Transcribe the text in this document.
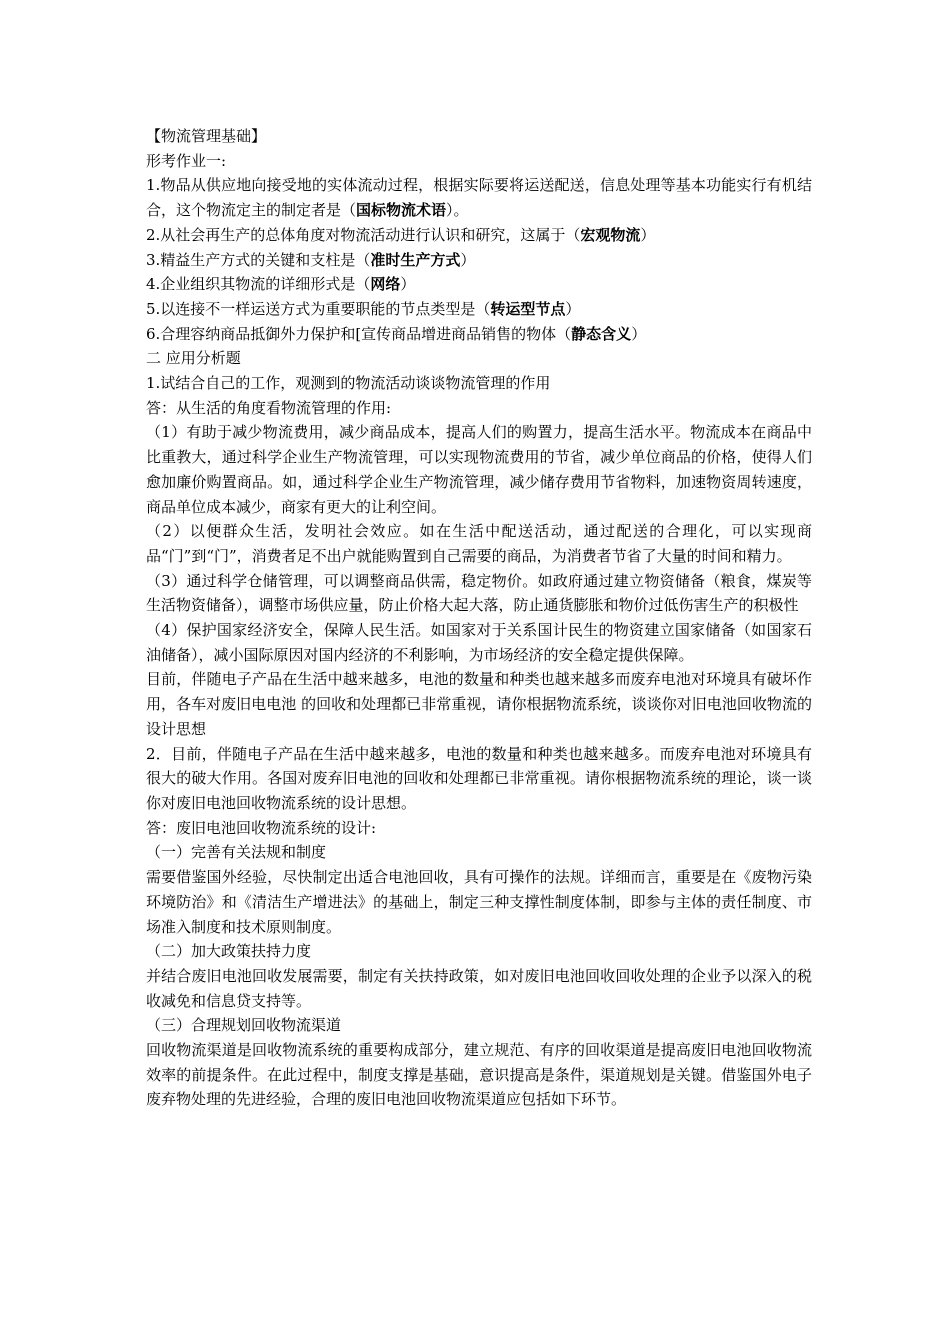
【物流管理基础】

形考作业一:

1.物品从供应地向接受地的实体流动过程，根据实际要将运送配送，信息处理等基本功能实行有机结合，这个物流定主的制定者是（国标物流术语）。

2.从社会再生产的总体角度对物流活动进行认识和研究，这属于（宏观物流）

3.精益生产方式的关键和支柱是（准时生产方式）

4.企业组织其物流的详细形式是（网络）

5.以连接不一样运送方式为重要职能的节点类型是（转运型节点）

6.合理容纳商品抵御外力保护和[宣传商品增进商品销售的物体（静态含义）

二 应用分析题

1.试结合自己的工作，观测到的物流活动谈谈物流管理的作用

答：从生活的角度看物流管理的作用:

（1）有助于减少物流费用，减少商品成本，提高人们的购置力，提高生活水平。物流成本在商品中比重教大，通过科学企业生产物流管理，可以实现物流费用的节省，减少单位商品的价格，使得人们愈加廉价购置商品。如，通过科学企业生产物流管理，减少储存费用节省物料，加速物资周转速度，商品单位成本减少，商家有更大的让利空间。

（2）以便群众生活，发明社会效应。如在生活中配送活动，通过配送的合理化，可以实现商品“门”到“门”，消费者足不出户就能购置到自己需要的商品，为消费者节省了大量的时间和精力。

（3）通过科学仓储管理，可以调整商品供需，稳定物价。如政府通过建立物资储备（粮食，煤炭等生活物资储备），调整市场供应量，防止价格大起大落，防止通货膨胀和物价过低伤害生产的积极性

（4）保护国家经济安全，保障人民生活。如国家对于关系国计民生的物资建立国家储备（如国家石油储备），减小国际原因对国内经济的不利影响，为市场经济的安全稳定提供保障。

目前，伴随电子产品在生活中越来越多，电池的数量和种类也越来越多而废弃电池对环境具有破坏作用，各车对废旧电电池 的回收和处理都已非常重视，请你根据物流系统，谈谈你对旧电池回收物流的设计思想

2．目前，伴随电子产品在生活中越来越多，电池的数量和种类也越来越多。而废弃电池对环境具有很大的破大作用。各国对废弃旧电池的回收和处理都已非常重视。请你根据物流系统的理论，谈一谈你对废旧电池回收物流系统的设计思想。

答：废旧电池回收物流系统的设计:

（一）完善有关法规和制度

需要借鉴国外经验，尽快制定出适合电池回收，具有可操作的法规。详细而言，重要是在《废物污染环境防治》和《清洁生产增进法》的基础上，制定三种支撑性制度体制，即参与主体的责任制度、市场准入制度和技术原则制度。

（二）加大政策扶持力度

并结合废旧电池回收发展需要，制定有关扶持政策，如对废旧电池回收回收处理的企业予以深入的税收减免和信息贷支持等。

（三）合理规划回收物流渠道

回收物流渠道是回收物流系统的重要构成部分，建立规范、有序的回收渠道是提高废旧电池回收物流效率的前提条件。在此过程中，制度支撑是基础，意识提高是条件，渠道规划是关键。借鉴国外电子废弃物处理的先进经验，合理的废旧电池回收物流渠道应包括如下环节。
